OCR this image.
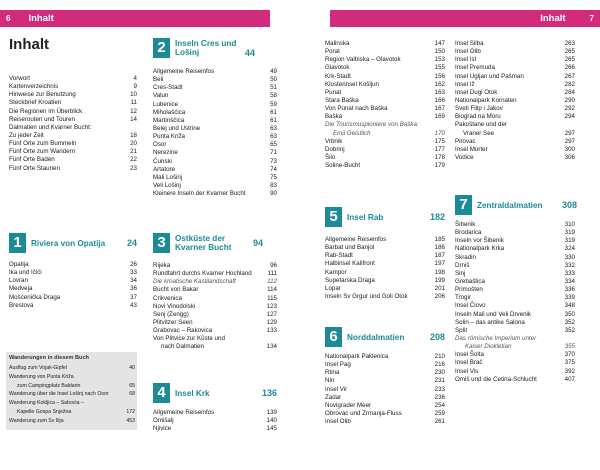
6 Inhalt	Inhalt	7
Inhalt
Vorwort	4
Kartenverzeichnis	9
Hinweise zur Benutzung	10
Steckbrief Kroatien	11
Die Regionen im Überblick	12
Reiserouten und Touren	14
Dalmatien und Kvarner Bucht:
Zu jeder Zeit	18
Fünf Orte zum Bummeln	20
Fünf Orte zum Wandern	21
Fünf Orte Baden	22
Fünf Orte Staunen	23
1	Riviera von Opatija	24
Opatija	26
Ika und Ičići	33
Lovran	34
Medveja	36
Mošćenička Draga	37
Brestova	43
Wanderungen in diesem Buch
Ausflug zum Vojak-Gipfel	40
Wanderung von Punta Križa
zum Campingplatz Baldarin	65
Wanderung über die Insel Lošinj nach Osor	68
Wanderung Kokljica – Sabocia –
Kapelle Gospa Snježna	172
Wanderung zum Sv Ilija	453
2	Inseln Cres und Lošinj	44
Allgemeine Reiseinfos	49
Beli	50
Cres-Stadt	51
Valun	58
Lubenice	59
Miholašćica	61
Martinščica	61
Belej und Ustrine	63
Punta Križa	63
Osor	65
Nerezine	71
Ćunski	73
Artatore	74
Mali Lošinj	75
Veli Lošinj	83
Kleinere Inseln der Kvarner Bucht	90
3	Ostküste der Kvarner Bucht	94
Rijeka	96
Rundfahrt durchs Kvarner Hochland	111
Die kroatische Kastilandschaft	112
Bucht von Bakar	114
Crikvenica	115
Novi Vinodolski	123
Senj (Zengg)	127
Plitvitzer Seen	129
Grabovac – Rakovica	133
Von Plitvice zur Küste und
nach Dalmatien	134
4	Insel Krk	136
Allgemeine Reiseinfos	139
Omišalj	140
Njivice	145
Malinska	147
Porat	150
Region Valbiska – Glavotok	153
Glavotok	155
Krk-Stadt	156
Klosterinsel Košljun	162
Punat	163
Stara Baška	166
Von Punat nach Baška	167
Baška	169
Die Tourismuspioniere von Baška:
Emil Geistlich	170
Vrbnik	175
Dobrinj	177
Šilo	178
Soline-Bucht	179
5	Insel Rab	182
Allgemeine Reiseinfos	185
Barbat und Banjol	186
Rab-Stadt	187
Halbinsel Kalifront	197
Kampor	198
Supetarska Draga	199
Lopar	201
Inseln Sv Grgur und Goli Otok	206
6	Norddalmatien	208
Nationalpark Paklenica	210
Insel Pag	216
Rtina	230
Nin	231
Insel Vir	233
Zadar	236
Novigrader Meer	254
Obrovac und Zrmanja-Fluss	259
Insel Olib	261
Insel Silba	263
Insel Olib	265
Insel Ist	265
Insel Premuda	266
Insel Ugljan und Pašman	267
Insel Iž	282
Insel Dugi Otok	284
Nationalpark Kornaten	290
Sveti Filip i Jakov	292
Biograd na Moru	294
Pakoštane und der
Vraner See	297
Pirovac	297
Insel Murter	300
Vodice	306
7	Zentraldalmatien	308
Šibenik	310
Brodarica	319
Inseln vor Šibenik	319
Nationalpark Krka	324
Skradin	330
Drniš	332
Sinj	333
Grebaštica	334
Primošten	336
Trogir	339
Insel Čiovo	348
Inseln Mali und Veli Drvenik	350
Solin – das antike Salona	352
Split	352
Das römische Imperium unter
Kaiser Diokletian	355
Insel Šolta	370
Insel Brač	375
Insel Vis	392
Omiš und die Cetina-Schlucht	407
